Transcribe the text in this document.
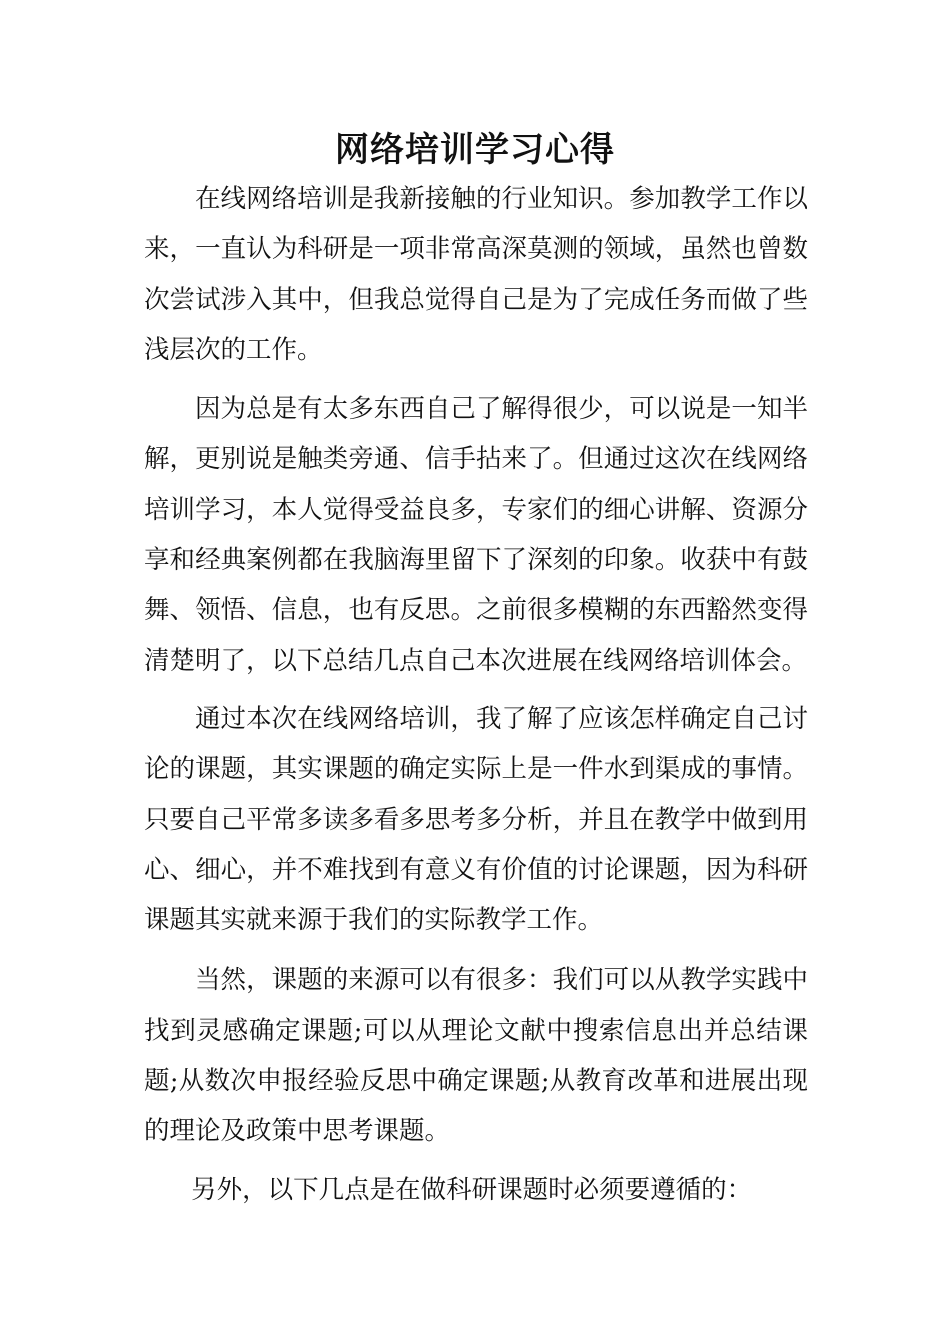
网络培训学习心得

在线网络培训是我新接触的行业知识。参加教学工作以来，一直认为科研是一项非常高深莫测的领域，虽然也曾数次尝试涉入其中，但我总觉得自己是为了完成任务而做了些浅层次的工作。

因为总是有太多东西自己了解得很少，可以说是一知半解，更别说是触类旁通、信手拈来了。但通过这次在线网络培训学习，本人觉得受益良多，专家们的细心讲解、资源分享和经典案例都在我脑海里留下了深刻的印象。收获中有鼓舞、领悟、信息，也有反思。之前很多模糊的东西豁然变得清楚明了，以下总结几点自己本次进展在线网络培训体会。

通过本次在线网络培训，我了解了应该怎样确定自己讨论的课题，其实课题的确定实际上是一件水到渠成的事情。只要自己平常多读多看多思考多分析，并且在教学中做到用心、细心，并不难找到有意义有价值的讨论课题，因为科研课题其实就来源于我们的实际教学工作。

当然，课题的来源可以有很多：我们可以从教学实践中找到灵感确定课题;可以从理论文献中搜索信息出并总结课题;从数次申报经验反思中确定课题;从教育改革和进展出现的理论及政策中思考课题。

另外，以下几点是在做科研课题时必须要遵循的：
